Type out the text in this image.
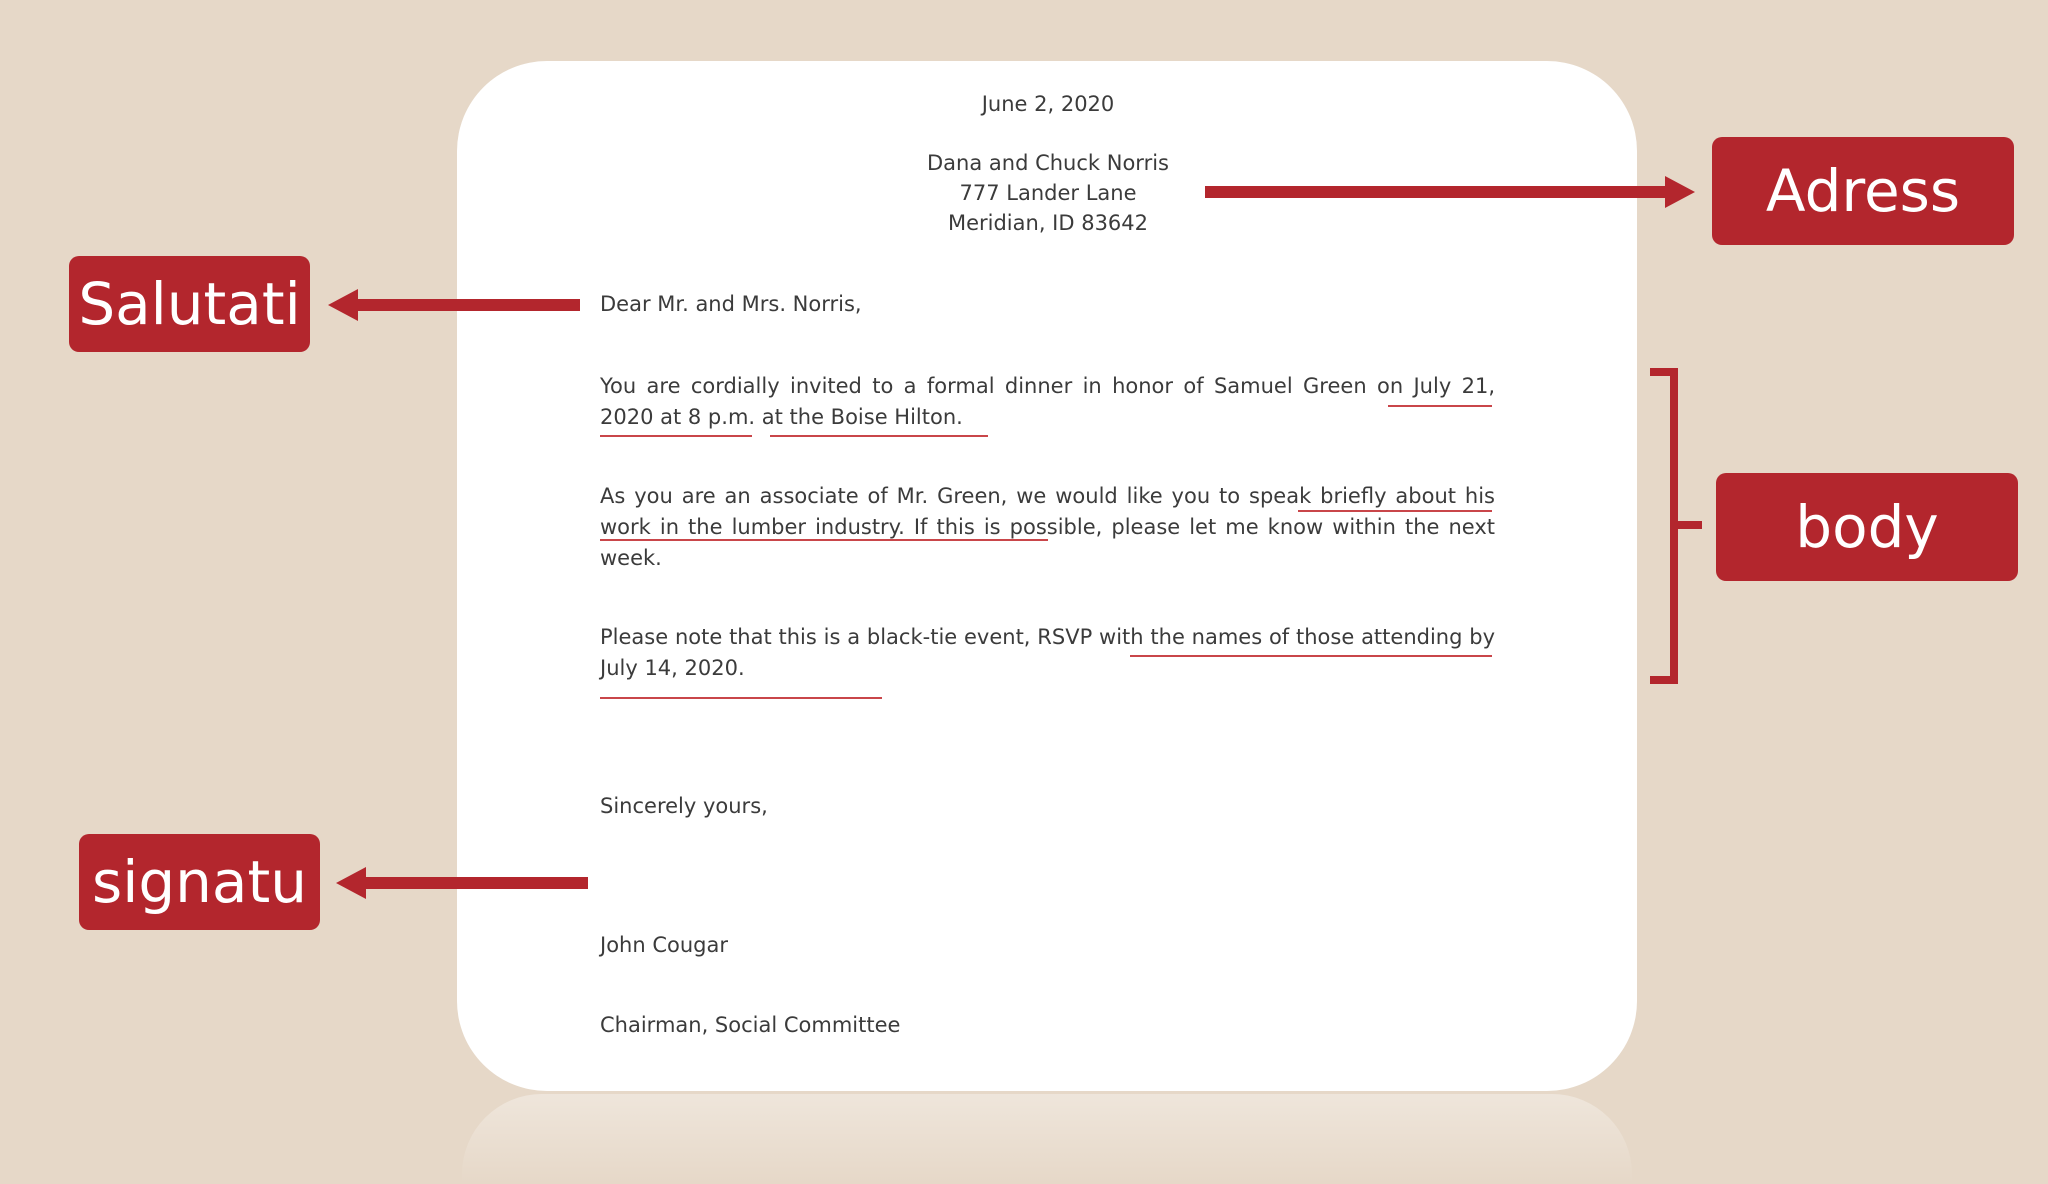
June 2, 2020
Dana and Chuck Norris
777 Lander Lane
Meridian, ID 83642
Dear Mr. and Mrs. Norris,
You are cordially invited to a formal dinner in honor of Samuel Green on July 21, 2020 at 8 p.m. at the Boise Hilton.
As you are an associate of Mr. Green, we would like you to speak briefly about his work in the lumber industry. If this is possible, please let me know within the next week.
Please note that this is a black-tie event, RSVP with the names of those attending by July 14, 2020.
Sincerely yours,
John Cougar
Chairman, Social Committee
Adress
Salutati
body
signatu
